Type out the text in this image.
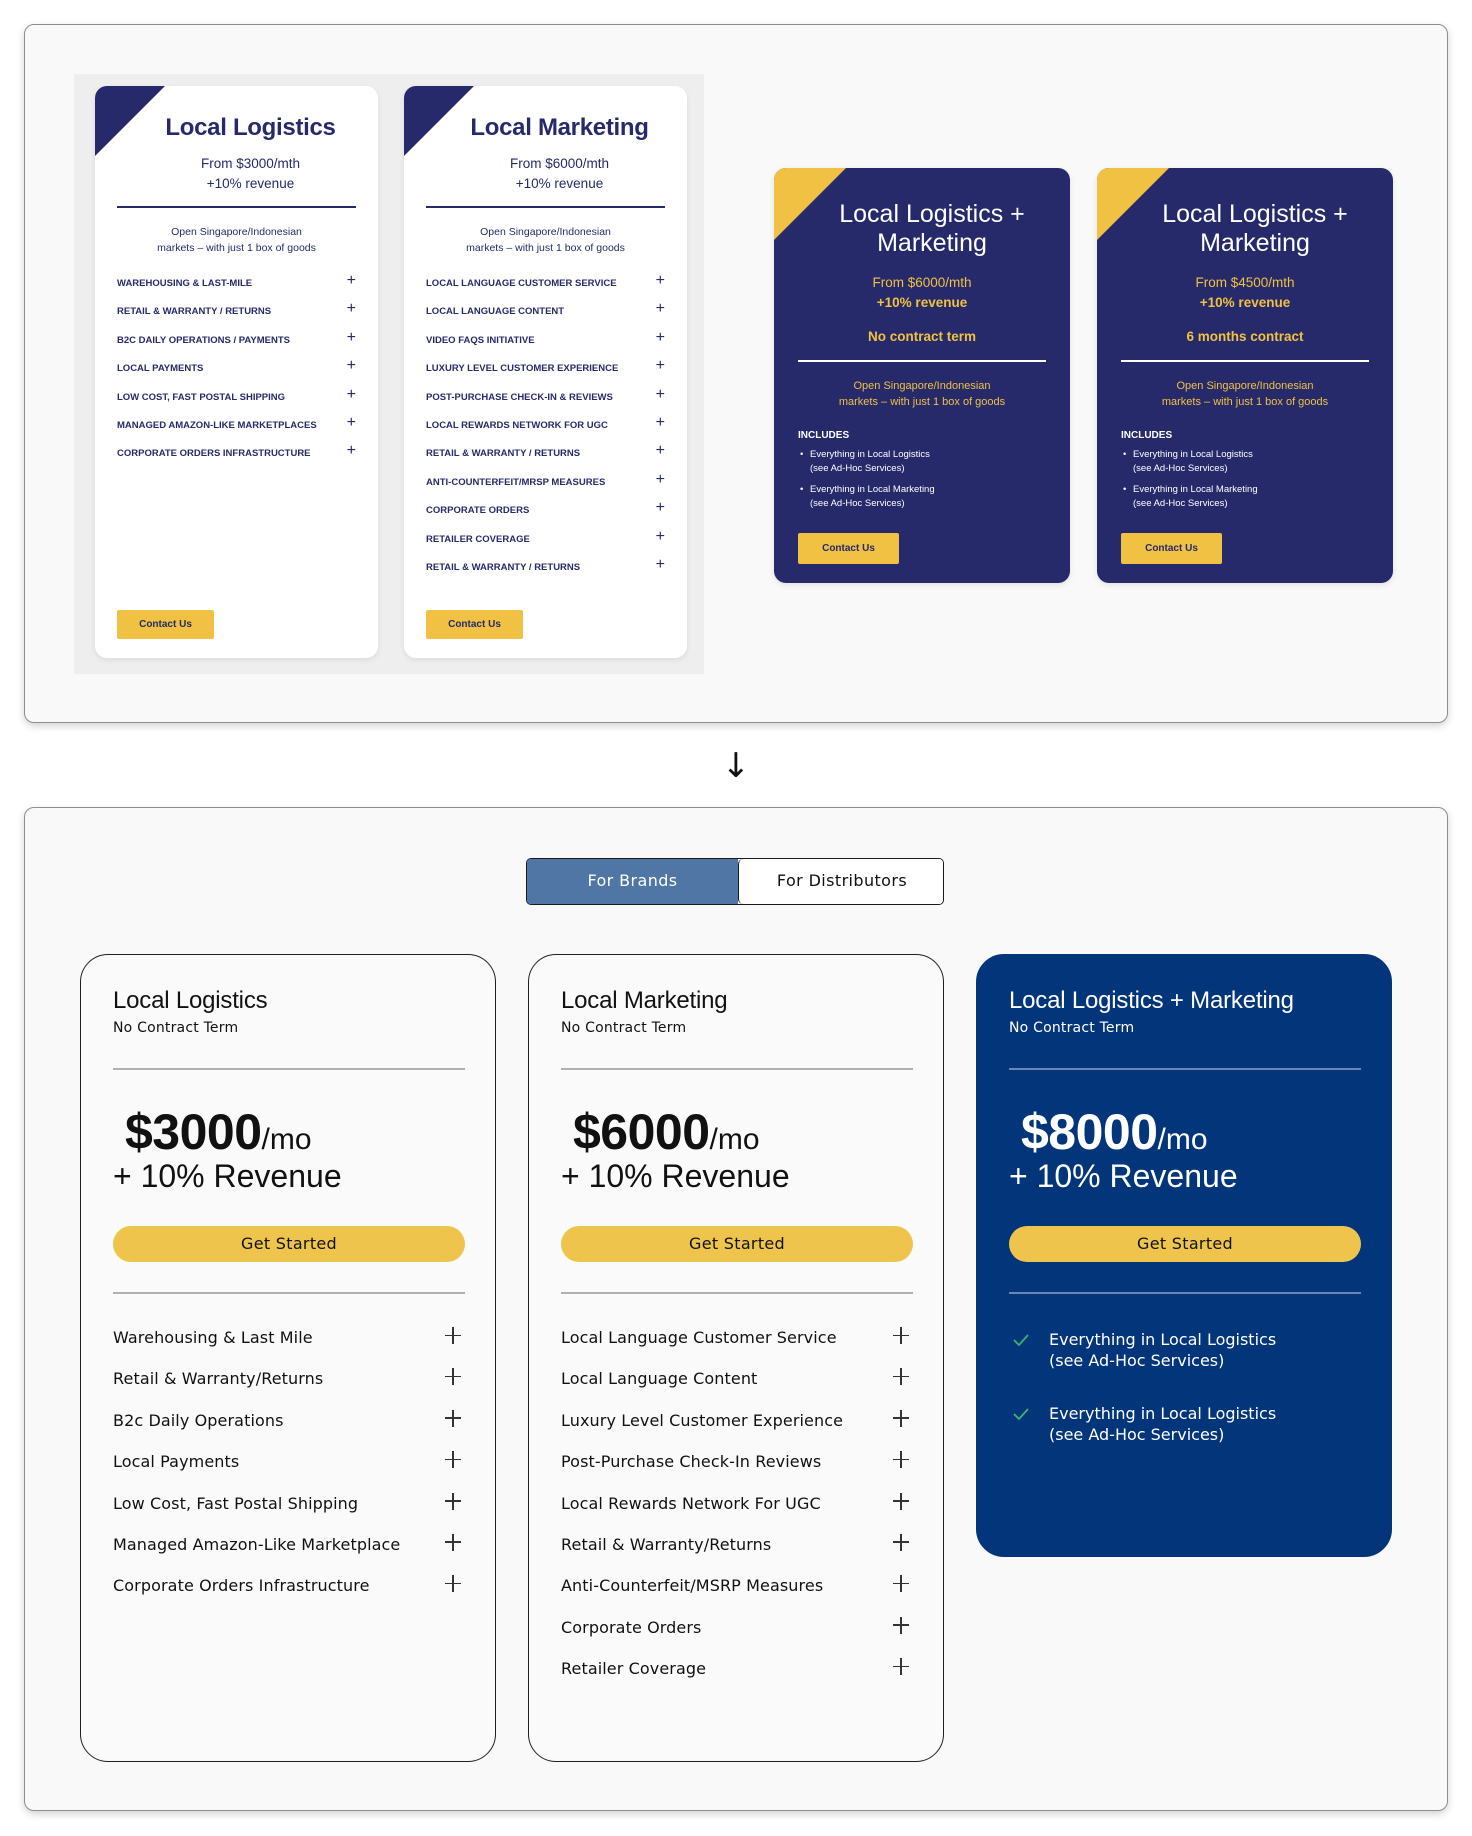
Local Logistics
From $3000/mth
+10% revenue
Open Singapore/Indonesian
markets – with just 1 box of goods
WAREHOUSING & LAST-MILE	+
RETAIL & WARRANTY / RETURNS	+
B2C DAILY OPERATIONS / PAYMENTS	+
LOCAL PAYMENTS	+
LOW COST, FAST POSTAL SHIPPING	+
MANAGED AMAZON-LIKE MARKETPLACES +
CORPORATE ORDERS INFRASTRUCTURE +
Contact Us
Local Marketing
From $6000/mth
+10% revenue
Open Singapore/Indonesian
markets – with just 1 box of goods
LOCAL LANGUAGE CUSTOMER SERVICE +
LOCAL LANGUAGE CONTENT	+
VIDEO FAQS INITIATIVE	+
LUXURY LEVEL CUSTOMER EXPERIENCE +
POST-PURCHASE CHECK-IN & REVIEWS	+
LOCAL REWARDS NETWORK FOR UGC	+
RETAIL & WARRANTY / RETURNS	+
ANTI-COUNTERFEIT/MRSP MEASURES	+
CORPORATE ORDERS	+
RETAILER COVERAGE	+
RETAIL & WARRANTY / RETURNS	+
Contact Us
Local Logistics +
Marketing
From $6000/mth
+10% revenue
No contract term
Open Singapore/Indonesian
markets – with just 1 box of goods
INCLUDES
• Everything in Local Logistics
(see Ad-Hoc Services)
• Everything in Local Marketing
(see Ad-Hoc Services)
Contact Us
Local Logistics +
Marketing
From $4500/mth
+10% revenue
6 months contract
Open Singapore/Indonesian
markets – with just 1 box of goods
INCLUDES
• Everything in Local Logistics
(see Ad-Hoc Services)
• Everything in Local Marketing
(see Ad-Hoc Services)
Contact Us
↓
For Brands	For Distributors
Local Logistics
No Contract Term
$3000/mo
+ 10% Revenue
Get Started
Warehousing & Last Mile
Retail & Warranty/Returns
B2c Daily Operations
Local Payments
Low Cost, Fast Postal Shipping
Managed Amazon-Like Marketplace
Corporate Orders Infrastructure
Local Marketing
No Contract Term
$6000/mo
+ 10% Revenue
Get Started
Local Language Customer Service
Local Language Content
Luxury Level Customer Experience
Post-Purchase Check-In Reviews
Local Rewards Network For UGC
Retail & Warranty/Returns
Anti-Counterfeit/MSRP Measures
Corporate Orders
Retailer Coverage
Local Logistics + Marketing
No Contract Term
$8000/mo
+ 10% Revenue
Get Started
Everything in Local Logistics
(see Ad-Hoc Services)
Everything in Local Logistics
(see Ad-Hoc Services)
